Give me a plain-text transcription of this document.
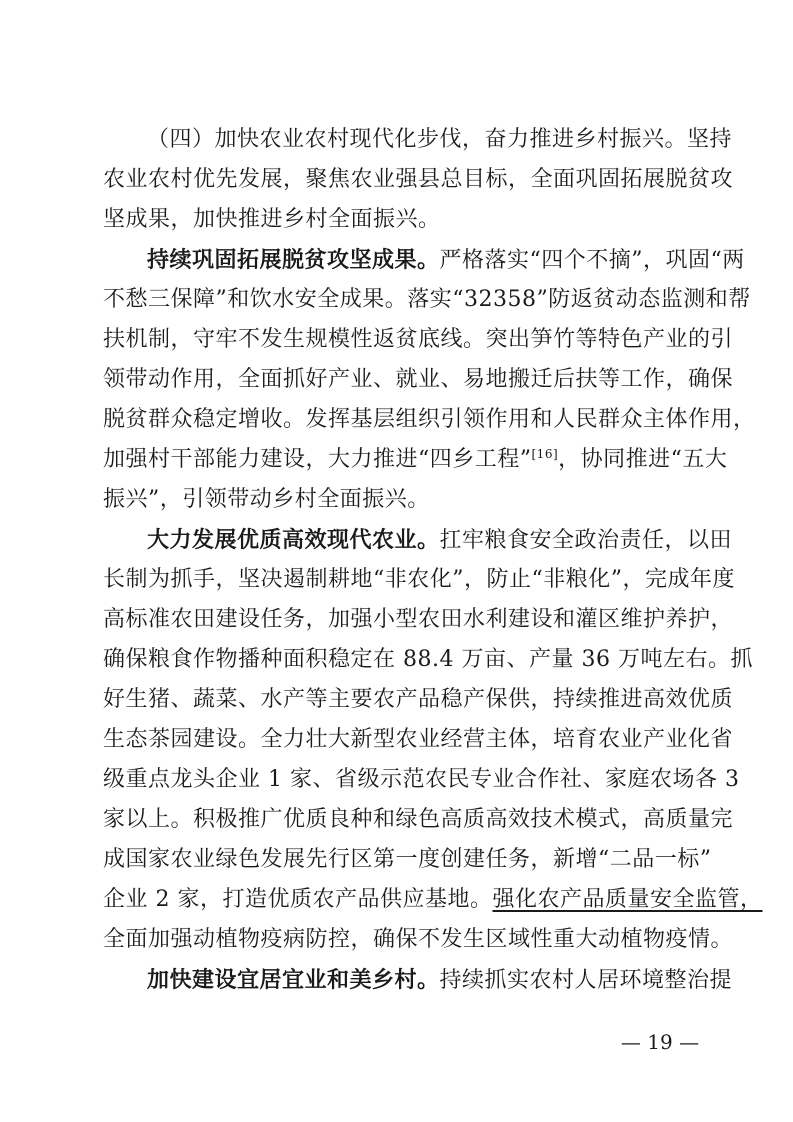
（四）加快农业农村现代化步伐，奋力推进乡村振兴。坚持
农业农村优先发展，聚焦农业强县总目标，全面巩固拓展脱贫攻
坚成果，加快推进乡村全面振兴。
持续巩固拓展脱贫攻坚成果。严格落实“四个不摘”，巩固“两
不愁三保障”和饮水安全成果。落实“32358”防返贫动态监测和帮
扶机制，守牢不发生规模性返贫底线。突出笋竹等特色产业的引
领带动作用，全面抓好产业、就业、易地搬迁后扶等工作，确保
脱贫群众稳定增收。发挥基层组织引领作用和人民群众主体作用，
加强村干部能力建设，大力推进“四乡工程”[16]，协同推进“五大
振兴”，引领带动乡村全面振兴。
大力发展优质高效现代农业。扛牢粮食安全政治责任，以田
长制为抓手，坚决遏制耕地“非农化”，防止“非粮化”，完成年度
高标准农田建设任务，加强小型农田水利建设和灌区维护养护，
确保粮食作物播种面积稳定在 88.4 万亩、产量 36 万吨左右。抓
好生猪、蔬菜、水产等主要农产品稳产保供，持续推进高效优质
生态茶园建设。全力壮大新型农业经营主体，培育农业产业化省
级重点龙头企业 1 家、省级示范农民专业合作社、家庭农场各 3
家以上。积极推广优质良种和绿色高质高效技术模式，高质量完
成国家农业绿色发展先行区第一度创建任务，新增“二品一标”
企业 2 家，打造优质农产品供应基地。强化农产品质量安全监管，
全面加强动植物疫病防控，确保不发生区域性重大动植物疫情。
加快建设宜居宜业和美乡村。持续抓实农村人居环境整治提
— 19 —
